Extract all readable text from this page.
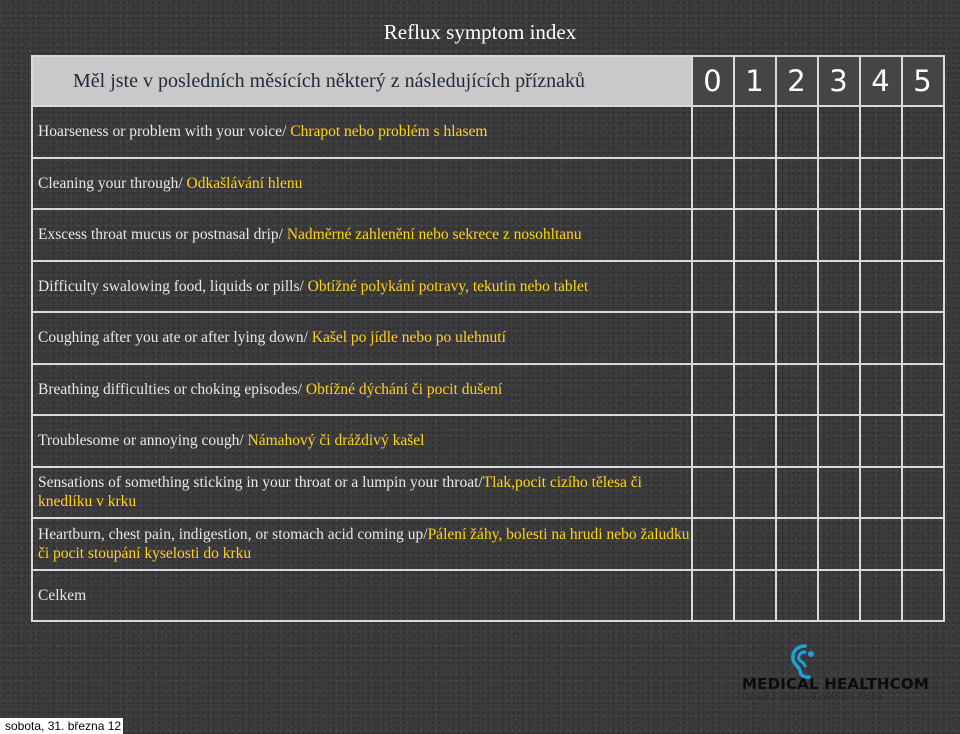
Reflux symptom index
Měl jste v posledních měsících některý z následujících příznaků	0	1	2	3	4	5
Hoarseness or problem with your voice/ Chrapot nebo problém s hlasem						
Cleaning your through/ Odkašlávání hlenu						
Exscess throat mucus or postnasal drip/ Nadměrné zahlenění nebo sekrece z nosohltanu						
Difficulty swalowing food, liquids or pills/ Obtížné polykání potravy, tekutin nebo tablet						
Coughing after you ate or after lying down/ Kašel po jídle nebo po ulehnutí						
Breathing difficulties or choking episodes/ Obtížné dýchání či pocit dušení						
Troublesome or annoying cough/ Námahový či dráždivý kašel						
Sensations of something sticking in your throat or a lumpin your throat/Tlak,pocit cizího tělesa či knedlíku v krku						
Heartburn, chest pain, indigestion, or stomach acid coming up/Pálení žáhy, bolesti na hrudi nebo žaludku či pocit stoupání kyselosti do krku						
Celkem						
MEDICAL HEALTHCOM
Ušové a sluchové centrum Praha
sobota, 31. března 12
